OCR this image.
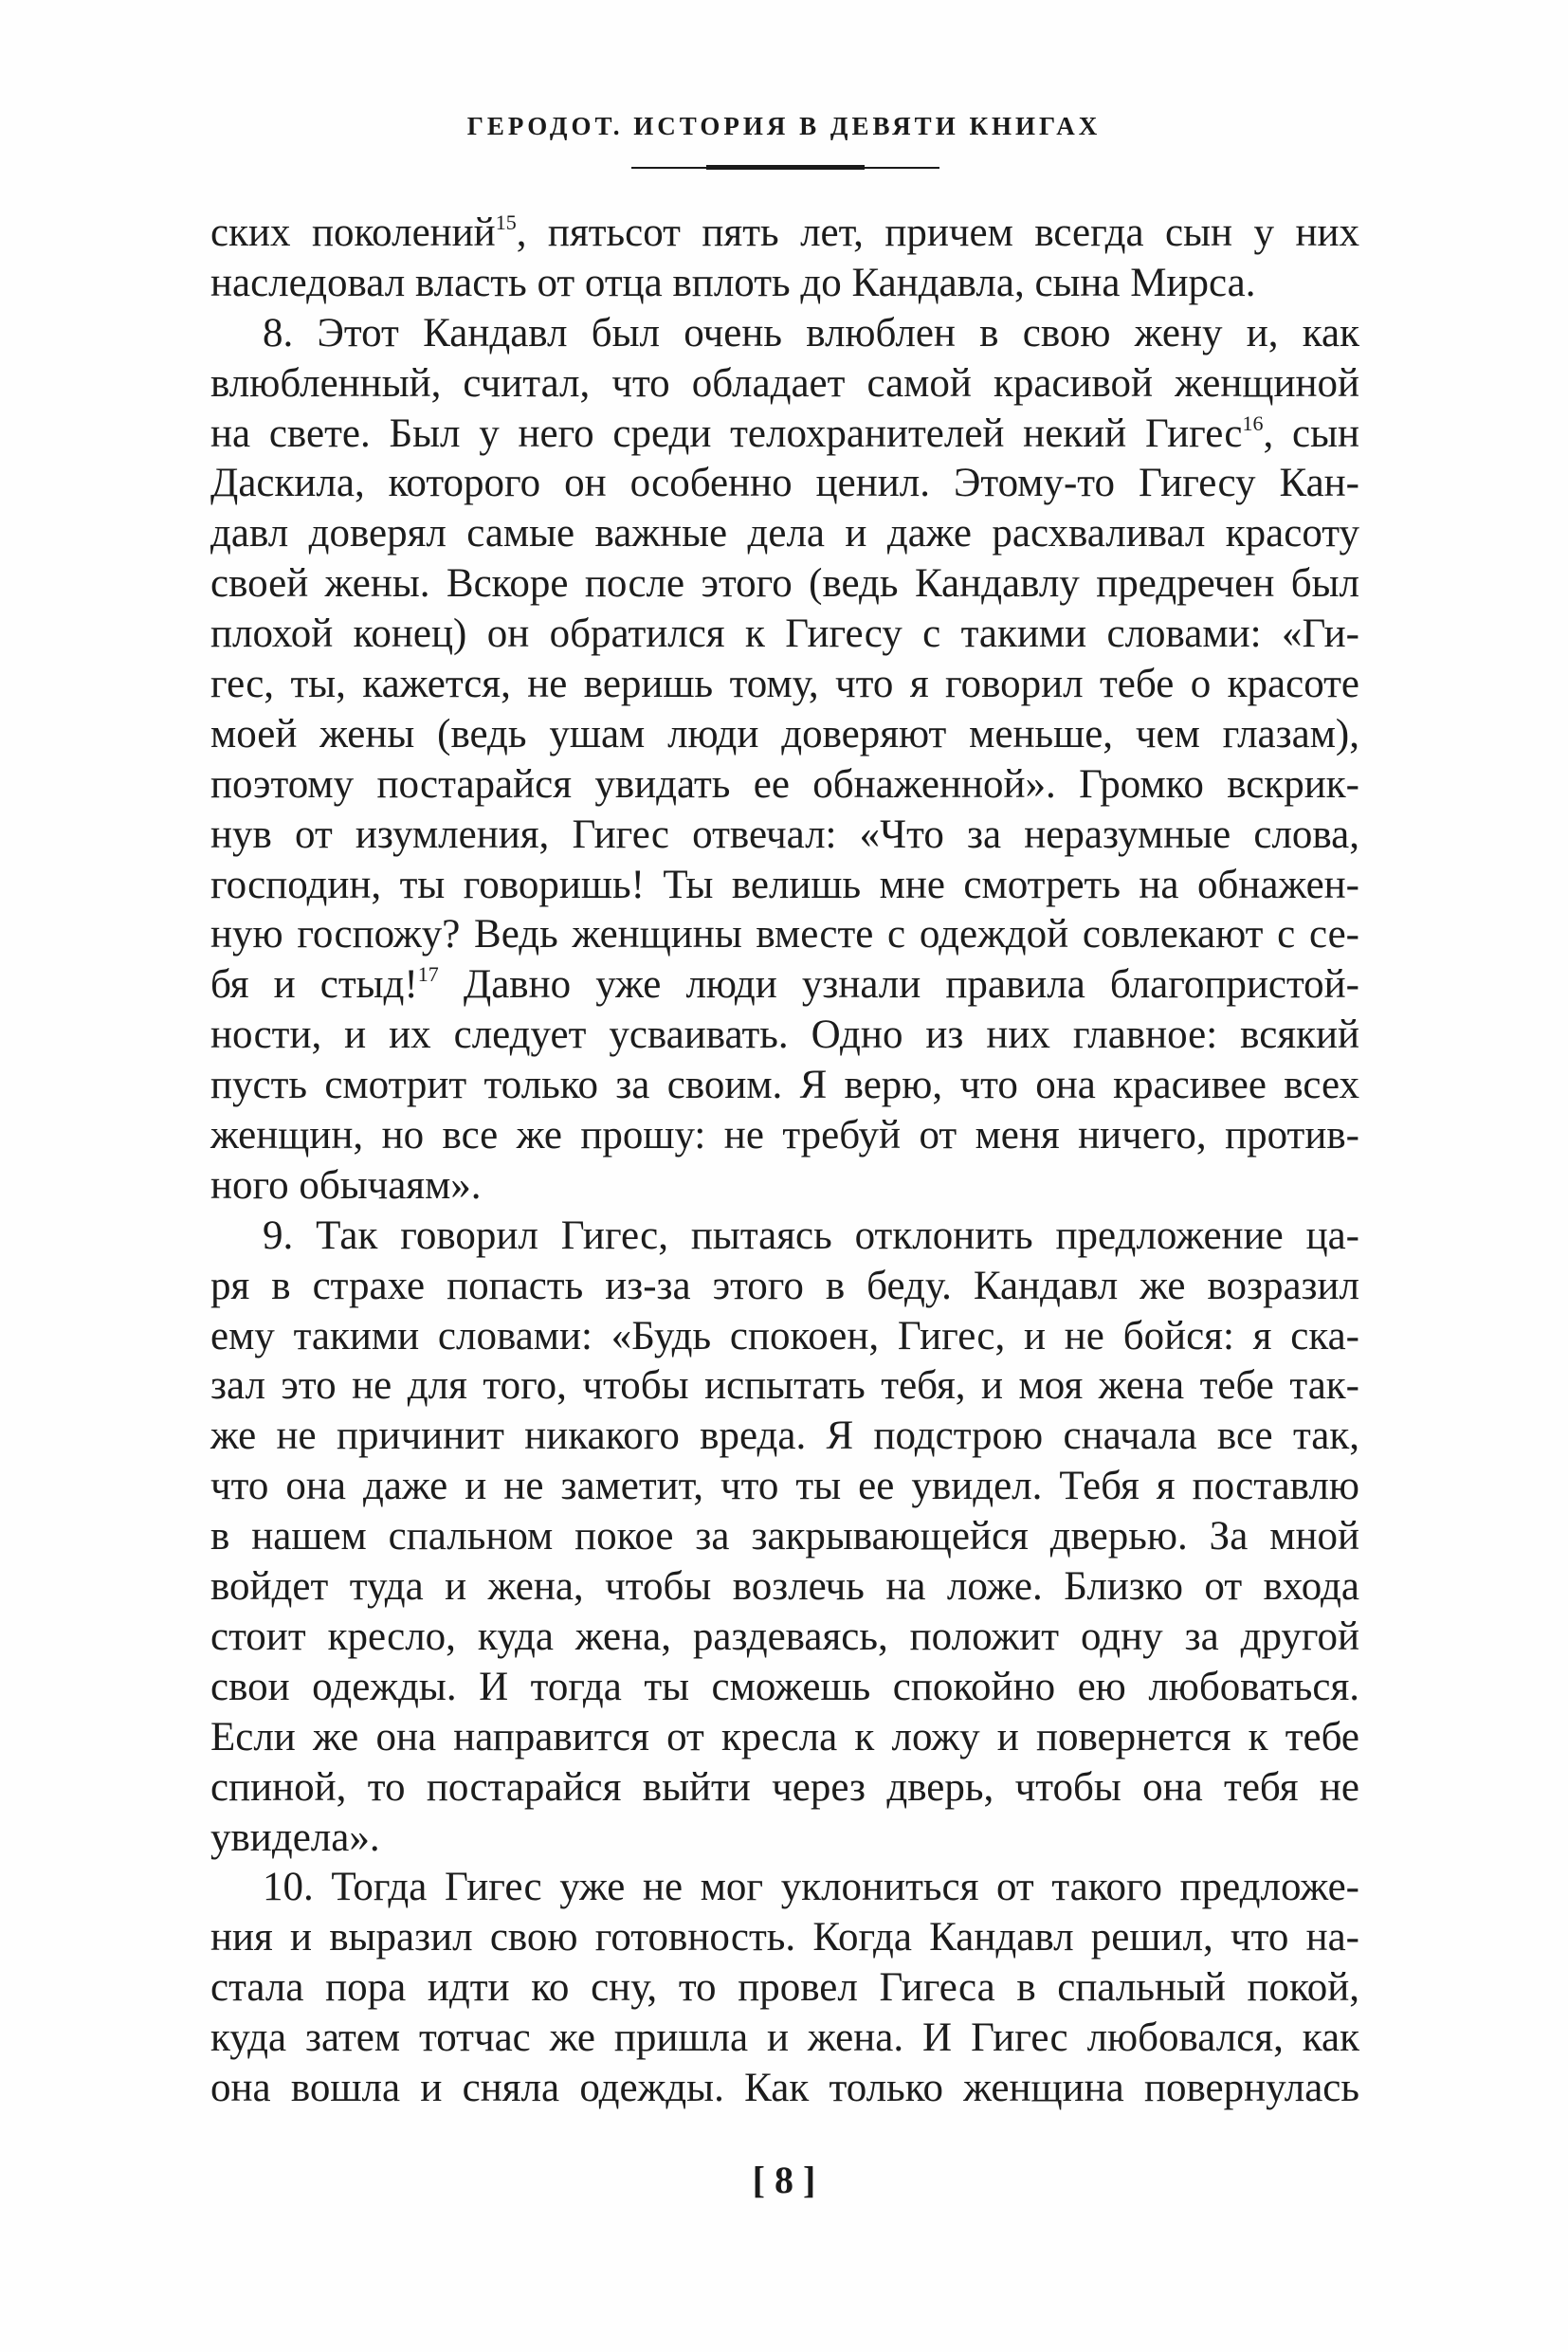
ГЕРОДОТ. ИСТОРИЯ В ДЕВЯТИ КНИГАХ
ских поколений$^{15}$, пятьсот пять лет, причем всегда сын у них
наследовал власть от отца вплоть до Кандавла, сына Мирса.
8. Этот Кандавл был очень влюблен в свою жену и, как
влюбленный, считал, что обладает самой красивой женщиной
на свете. Был у него среди телохранителей некий Гигес$^{16}$, сын
Даскила, которого он особенно ценил. Этому-то Гигесу Кан-
давл доверял самые важные дела и даже расхваливал красоту
своей жены. Вскоре после этого (ведь Кандавлу предречен был
плохой конец) он обратился к Гигесу с такими словами: «Ги-
гес, ты, кажется, не веришь тому, что я говорил тебе о красоте
моей жены (ведь ушам люди доверяют меньше, чем глазам),
поэтому постарайся увидать ее обнаженной». Громко вскрик-
нув от изумления, Гигес отвечал: «Что за неразумные слова,
господин, ты говоришь! Ты велишь мне смотреть на обнажен-
ную госпожу? Ведь женщины вместе с одеждой совлекают с се-
бя и стыд!$^{17}$ Давно уже люди узнали правила благопристой-
ности, и их следует усваивать. Одно из них главное: всякий
пусть смотрит только за своим. Я верю, что она красивее всех
женщин, но все же прошу: не требуй от меня ничего, против-
ного обычаям».
9. Так говорил Гигес, пытаясь отклонить предложение ца-
ря в страхе попасть из-за этого в беду. Кандавл же возразил
ему такими словами: «Будь спокоен, Гигес, и не бойся: я ска-
зал это не для того, чтобы испытать тебя, и моя жена тебе так-
же не причинит никакого вреда. Я подстрою сначала все так,
что она даже и не заметит, что ты ее увидел. Тебя я поставлю
в нашем спальном покое за закрывающейся дверью. За мной
войдет туда и жена, чтобы возлечь на ложе. Близко от входа
стоит кресло, куда жена, раздеваясь, положит одну за другой
свои одежды. И тогда ты сможешь спокойно ею любоваться.
Если же она направится от кресла к ложу и повернется к тебе
спиной, то постарайся выйти через дверь, чтобы она тебя не
увидела».
10. Тогда Гигес уже не мог уклониться от такого предложе-
ния и выразил свою готовность. Когда Кандавл решил, что на-
стала пора идти ко сну, то провел Гигеса в спальный покой,
куда затем тотчас же пришла и жена. И Гигес любовался, как
она вошла и сняла одежды. Как только женщина повернулась
[ 8 ]
